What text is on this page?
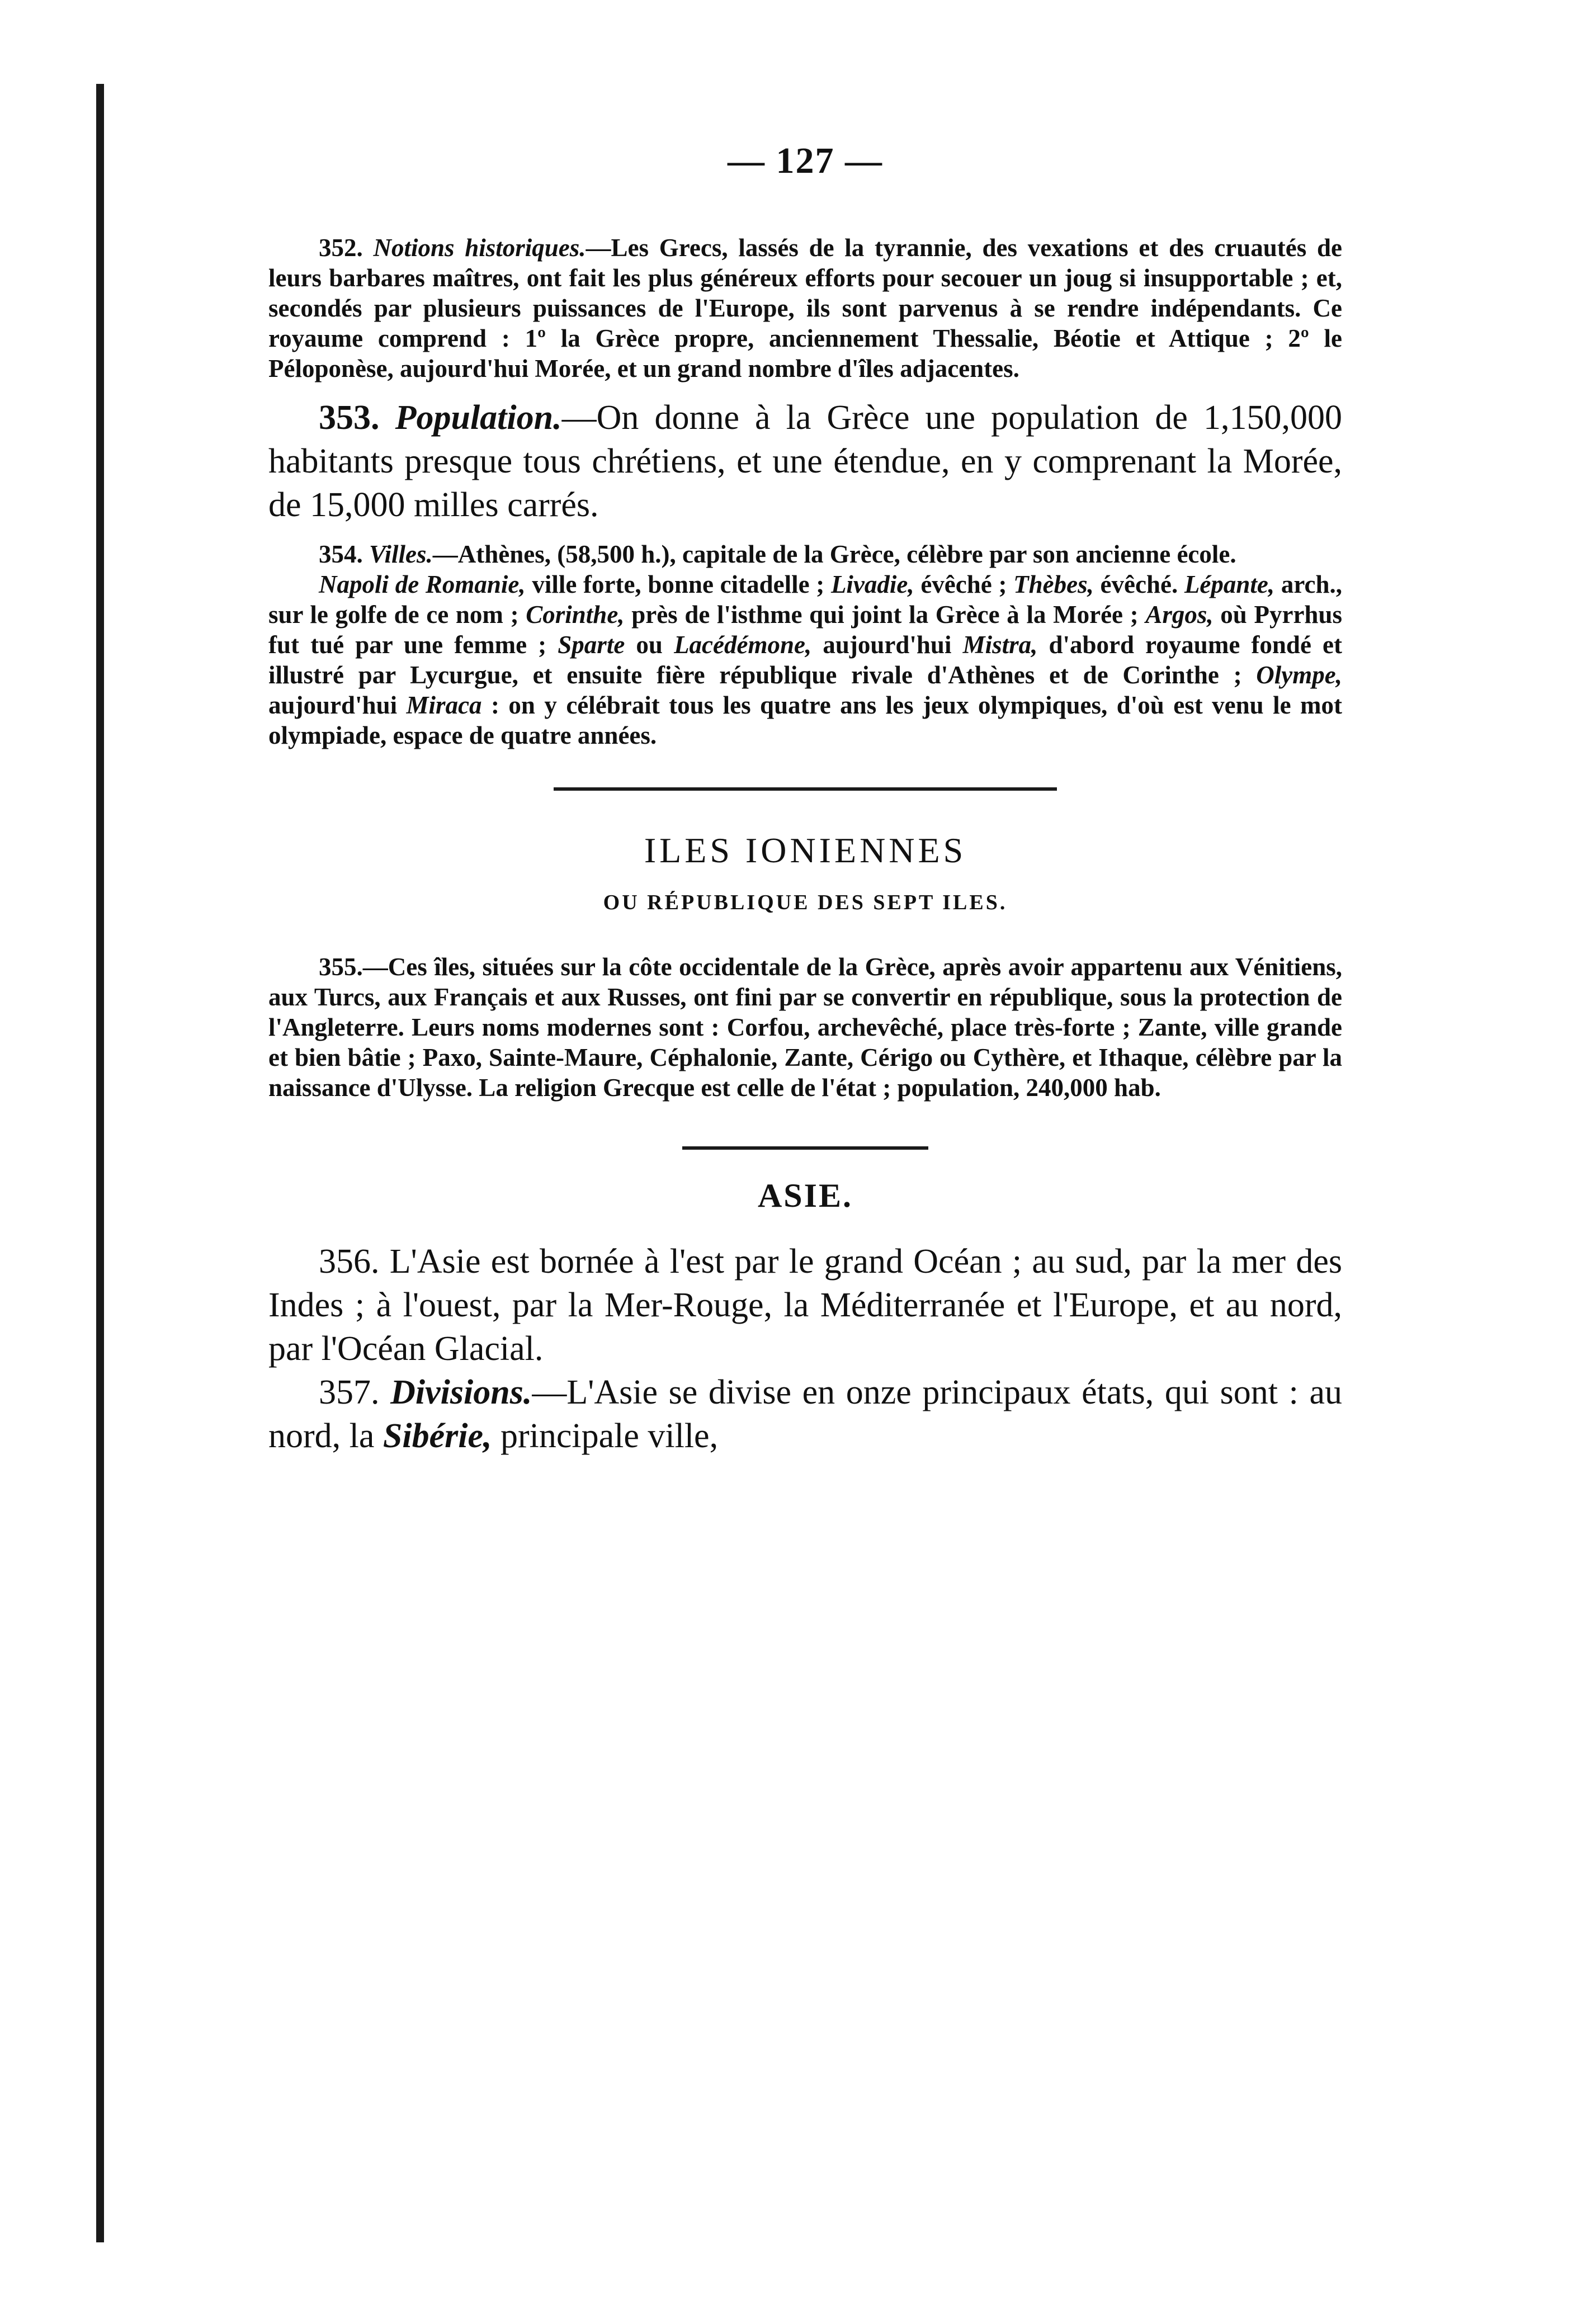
— 127 —

352. Notions historiques.—Les Grecs, lassés de la tyrannie, des vexations et des cruautés de leurs barbares maîtres, ont fait les plus généreux efforts pour secouer un joug si insupportable ; et, secondés par plusieurs puissances de l'Europe, ils sont parvenus à se rendre indépendants. Ce royaume comprend : 1º la Grèce propre, anciennement Thessalie, Béotie et Attique ; 2º le Péloponèse, aujourd'hui Morée, et un grand nombre d'îles adjacentes.

353. Population.—On donne à la Grèce une population de 1,150,000 habitants presque tous chrétiens, et une étendue, en y comprenant la Morée, de 15,000 milles carrés.

354. Villes.—Athènes, (58,500 h.), capitale de la Grèce, célèbre par son ancienne école.

Napoli de Romanie, ville forte, bonne citadelle ; Livadie, évêché ; Thèbes, évêché. Lépante, arch., sur le golfe de ce nom ; Corinthe, près de l'isthme qui joint la Grèce à la Morée ; Argos, où Pyrrhus fut tué par une femme ; Sparte ou Lacédémone, aujourd'hui Mistra, d'abord royaume fondé et illustré par Lycurgue, et ensuite fière république rivale d'Athènes et de Corinthe ; Olympe, aujourd'hui Miraca : on y célébrait tous les quatre ans les jeux olympiques, d'où est venu le mot olympiade, espace de quatre années.

ILES IONIENNES
OU RÉPUBLIQUE DES SEPT ILES.

355.—Ces îles, situées sur la côte occidentale de la Grèce, après avoir appartenu aux Vénitiens, aux Turcs, aux Français et aux Russes, ont fini par se convertir en république, sous la protection de l'Angleterre. Leurs noms modernes sont : Corfou, archevêché, place très-forte ; Zante, ville grande et bien bâtie ; Paxo, Sainte-Maure, Céphalonie, Zante, Cérigo ou Cythère, et Ithaque, célèbre par la naissance d'Ulysse. La religion Grecque est celle de l'état ; population, 240,000 hab.

ASIE.

356. L'Asie est bornée à l'est par le grand Océan ; au sud, par la mer des Indes ; à l'ouest, par la Mer-Rouge, la Méditerranée et l'Europe, et au nord, par l'Océan Glacial.

357. Divisions.—L'Asie se divise en onze principaux états, qui sont : au nord, la Sibérie, principale ville,
